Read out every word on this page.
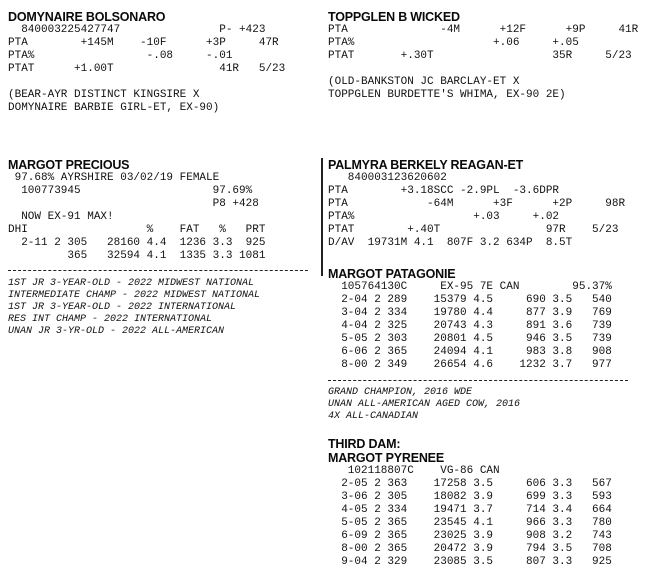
DOMYNAIRE BOLSONARO
840003225427747               P- +423
PTA        +145M    -10F      +3P     47R
PTA%                 -.08     -.01
PTAT      +1.00T                41R   5/23
(BEAR-AYR DISTINCT KINGSIRE X
DOMYNAIRE BARBIE GIRL-ET, EX-90)
TOPPGLEN B WICKED
PTA              -4M      +12F      +9P     41R
PTA%                     +.06     +.05
PTAT       +.30T                  35R     5/23
(OLD-BANKSTON JC BARCLAY-ET X
TOPPGLEN BURDETTE'S WHIMA, EX-90 2E)
MARGOT PRECIOUS
97.68% AYRSHIRE 03/02/19 FEMALE
100773945                    97.69%
P8 +428
NOW EX-91 MAX!
DHI                  %    FAT   %   PRT
2-11 2 305   28160 4.4  1236 3.3  925
365   32594 4.1  1335 3.3 1081
1ST JR 3-YEAR-OLD - 2022 MIDWEST NATIONAL
INTERMEDIATE CHAMP - 2022 MIDWEST NATIONAL
1ST JR 3-YEAR-OLD - 2022 INTERNATIONAL
RES INT CHAMP - 2022 INTERNATIONAL
UNAN JR 3-YR-OLD - 2022 ALL-AMERICAN
PALMYRA BERKELY REAGAN-ET
840003123620602
PTA        +3.18SCC -2.9PL  -3.6DPR
PTA            -64M      +3F      +2P     98R
PTA%                  +.03     +.02
PTAT        +.40T                97R    5/23
D/AV  19731M 4.1  807F 3.2 634P  8.5T
MARGOT PATAGONIE
105764130C     EX-95 7E CAN        95.37%
2-04 2 289    15379 4.5     690 3.5   540
3-04 2 334    19780 4.4     877 3.9   769
4-04 2 325    20743 4.3     891 3.6   739
5-05 2 303    20801 4.5     946 3.5   739
6-06 2 365    24094 4.1     983 3.8   908
8-00 2 349    26654 4.6    1232 3.7   977
GRAND CHAMPION, 2016 WDE
UNAN ALL-AMERICAN AGED COW, 2016
4X ALL-CANADIAN
THIRD DAM:
MARGOT PYRENEE
102118807C    VG-86 CAN
2-05 2 363    17258 3.5     606 3.3   567
3-06 2 305    18082 3.9     699 3.3   593
4-05 2 334    19471 3.7     714 3.4   664
5-05 2 365    23545 4.1     966 3.3   780
6-09 2 365    23025 3.9     908 3.2   743
8-00 2 365    20472 3.9     794 3.5   708
9-04 2 329    23085 3.5     807 3.3   925
